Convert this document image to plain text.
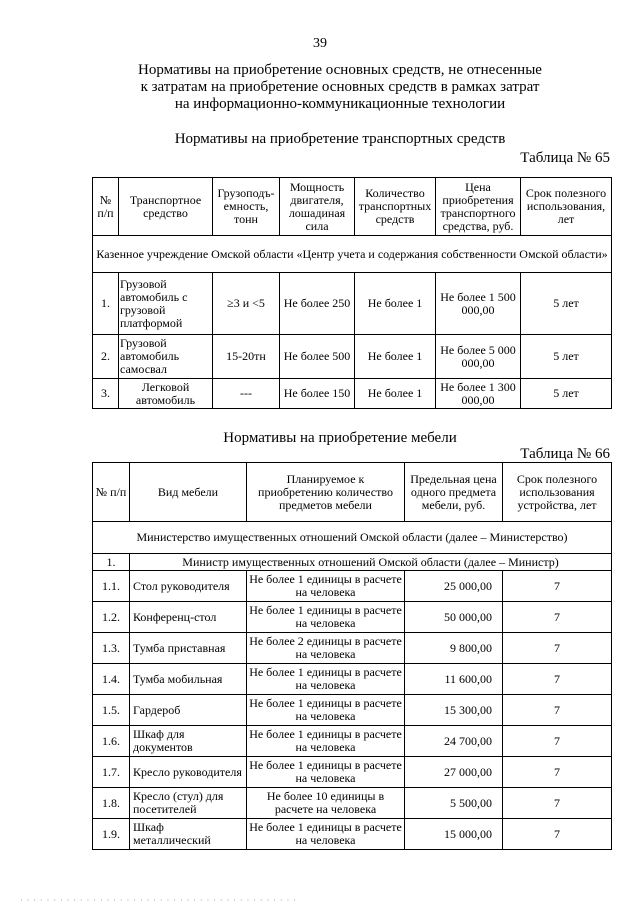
39
Нормативы на приобретение основных средств, не отнесенные
к затратам на приобретение основных средств в рамках затрат
на информационно-коммуникационные технологии
Нормативы на приобретение транспортных средств
Таблица № 65
№ п/п	Транспортное средство	Грузоподъ-емность, тонн	Мощность двигателя, лошадиная сила	Количество транспортных средств	Цена приобретения транспортного средства, руб.	Срок полезного использования, лет
Казенное учреждение Омской области «Центр учета и содержания собственности Омской области»						
1.	Грузовой автомобиль с грузовой платформой	≥3 и <5	Не более 250	Не более 1	Не более 1 500 000,00	5 лет
2.	Грузовой автомобиль самосвал	15-20тн	Не более 500	Не более 1	Не более 5 000 000,00	5 лет
3.	Легковой автомобиль	---	Не более 150	Не более 1	Не более 1 300 000,00	5 лет
Нормативы на приобретение мебели
Таблица № 66
№ п/п	Вид мебели	Планируемое к приобретению количество предметов мебели	Предельная цена одного предмета мебели, руб.	Срок полезного использования устройства, лет
Министерство имущественных отношений Омской области (далее – Министерство)				
1.	Министр имущественных отношений Омской области (далее – Министр)			
1.1.	Стол руководителя	Не более 1 единицы в расчете на человека	25 000,00	7
1.2.	Конференц-стол	Не более 1 единицы в расчете на человека	50 000,00	7
1.3.	Тумба приставная	Не более 2 единицы в расчете на человека	9 800,00	7
1.4.	Тумба мобильная	Не более 1 единицы в расчете на человека	11 600,00	7
1.5.	Гардероб	Не более 1 единицы в расчете на человека	15 300,00	7
1.6.	Шкаф для документов	Не более 1 единицы в расчете на человека	24 700,00	7
1.7.	Кресло руководителя	Не более 1 единицы в расчете на человека	27 000,00	7
1.8.	Кресло (стул) для посетителей	Не более 10 единицы в расчете на человека	5 500,00	7
1.9.	Шкаф металлический	Не более 1 единицы в расчете на человека	15 000,00	7
· · · · · · · · · · · · · · · · · · · · · · · · · · · · · · · · · · · · · · · · · ·
